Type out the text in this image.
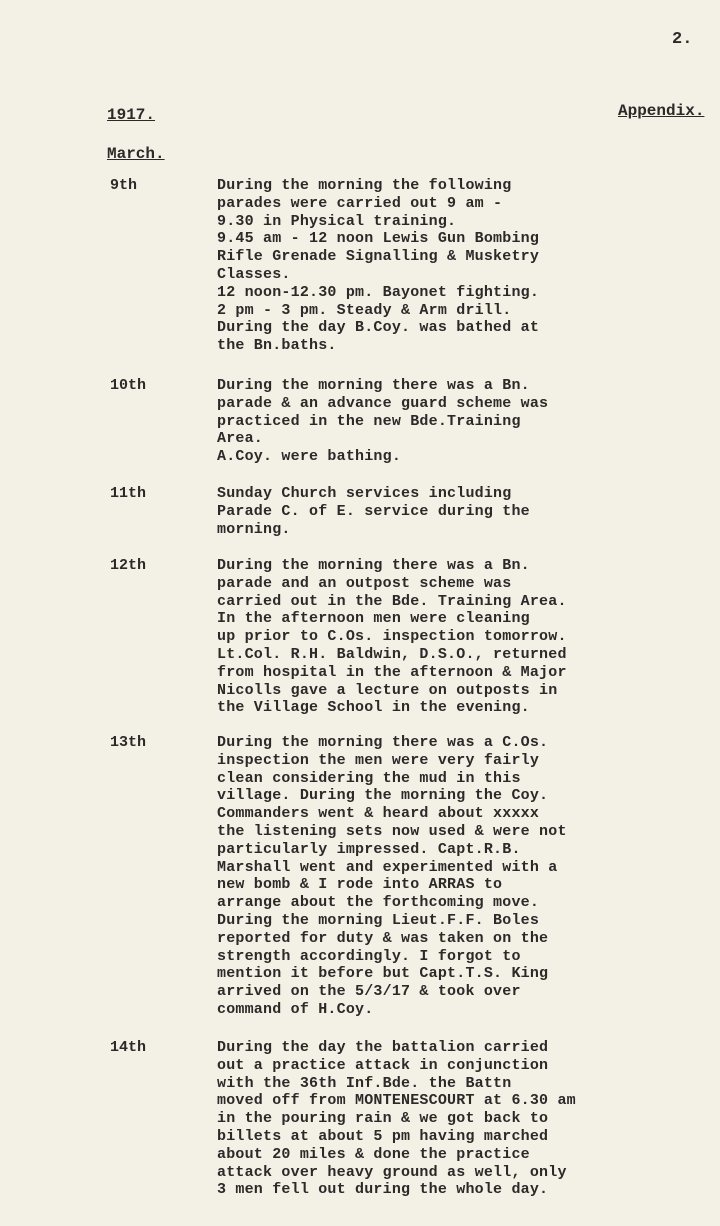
2.
1917.	Appendix.
March.
9th	During the morning the following
parades were carried out 9 am -
9.30 in Physical training.
9.45 am - 12 noon Lewis Gun Bombing
Rifle Grenade Signalling & Musketry
Classes.
12 noon-12.30 pm. Bayonet fighting.
2 pm - 3 pm. Steady & Arm drill.
During the day B.Coy. was bathed at
the Bn.baths.
10th	During the morning there was a Bn.
parade & an advance guard scheme was
practiced in the new Bde.Training
Area.
A.Coy. were bathing.
11th	Sunday Church services including
Parade C. of E. service during the
morning.
12th	During the morning there was a Bn.
parade and an outpost scheme was
carried out in the Bde. Training Area.
In the afternoon men were cleaning
up prior to C.Os. inspection tomorrow.
Lt.Col. R.H. Baldwin, D.S.O., returned
from hospital in the afternoon & Major
Nicolls gave a lecture on outposts in
the Village School in the evening.
13th	During the morning there was a C.Os.
inspection the men were very fairly
clean considering the mud in this
village. During the morning the Coy.
Commanders went & heard about xxxxx
the listening sets now used & were not
particularly impressed. Capt.R.B.
Marshall went and experimented with a
new bomb & I rode into ARRAS to
arrange about the forthcoming move.
During the morning Lieut.F.F. Boles
reported for duty & was taken on the
strength accordingly. I forgot to
mention it before but Capt.T.S. King
arrived on the 5/3/17 & took over
command of H.Coy.
14th	During the day the battalion carried
out a practice attack in conjunction
with the 36th Inf.Bde. the Battn
moved off from MONTENESCOURT at 6.30 am
in the pouring rain & we got back to
billets at about 5 pm having marched
about 20 miles & done the practice
attack over heavy ground as well, only
3 men fell out during the whole day.
